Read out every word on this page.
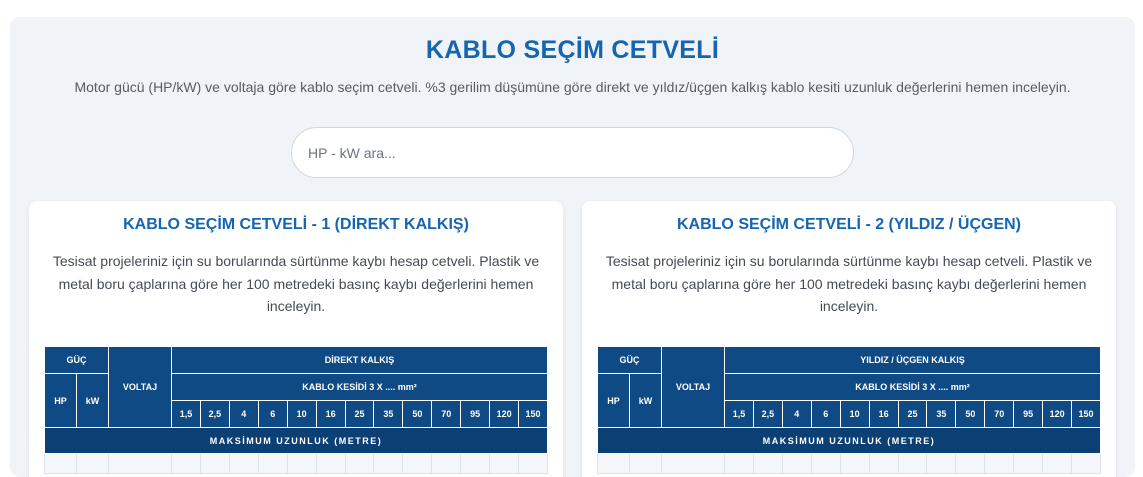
KABLO SEÇİM CETVELİ

Motor gücü (HP/kW) ve voltaja göre kablo seçim cetveli. %3 gerilim düşümüne göre direkt ve yıldız/üçgen kalkış kablo kesiti uzunluk değerlerini hemen inceleyin.

HP - kW ara...
KABLO SEÇİM CETVELİ - 1 (DİREKT KALKIŞ)

Tesisat projeleriniz için su borularında sürtünme kaybı hesap cetveli. Plastik ve metal boru çaplarına göre her 100 metredeki basınç kaybı değerlerini hemen inceleyin.

GÜÇ		VOLTAJ	DİREKT KALKIŞ												
HP	kW		KABLO KESİDİ 3 X .... mm²												
			1,5	2,5	4	6	10	16	25	35	50	70	95	120	150
MAKSİMUM UZUNLUK (METRE)															

KABLO SEÇİM CETVELİ - 2 (YILDIZ / ÜÇGEN)

Tesisat projeleriniz için su borularında sürtünme kaybı hesap cetveli. Plastik ve metal boru çaplarına göre her 100 metredeki basınç kaybı değerlerini hemen inceleyin.

GÜÇ		VOLTAJ	YILDIZ / ÜÇGEN KALKIŞ												
HP	kW		KABLO KESİDİ 3 X .... mm²												
			1,5	2,5	4	6	10	16	25	35	50	70	95	120	150
MAKSİMUM UZUNLUK (METRE)															
